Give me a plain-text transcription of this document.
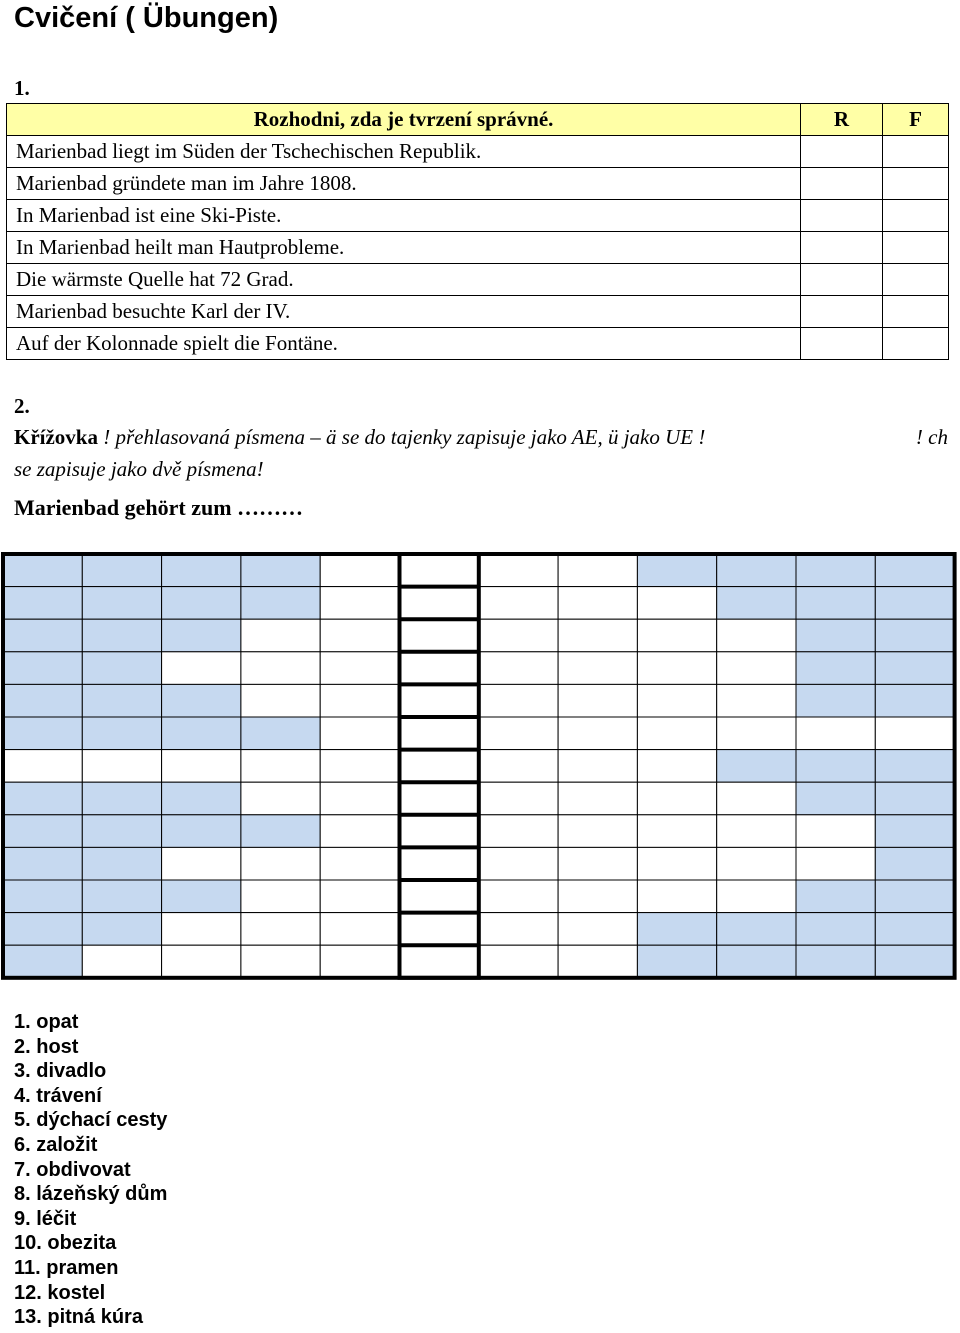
Cvičení ( Übungen)
1.
Rozhodni, zda je tvrzení správné.	R	F
Marienbad liegt im Süden der Tschechischen Republik.		
Marienbad gründete man im Jahre 1808.		
In Marienbad ist eine Ski-Piste.		
In Marienbad heilt man Hautprobleme.		
Die wärmste Quelle hat 72 Grad.		
Marienbad besuchte Karl der IV.		
Auf der Kolonnade spielt die Fontäne.		
2.
! ch
Křížovka ! přehlasovaná písmena – ä se do tajenky zapisuje jako AE, ü jako UE !
se zapisuje jako dvě písmena!
Marienbad gehört zum ………
1. opat
2. host
3. divadlo
4. trávení
5. dýchací cesty
6. založit
7. obdivovat
8. lázeňský dům
9. léčit
10. obezita
11. pramen
12. kostel
13. pitná kúra
